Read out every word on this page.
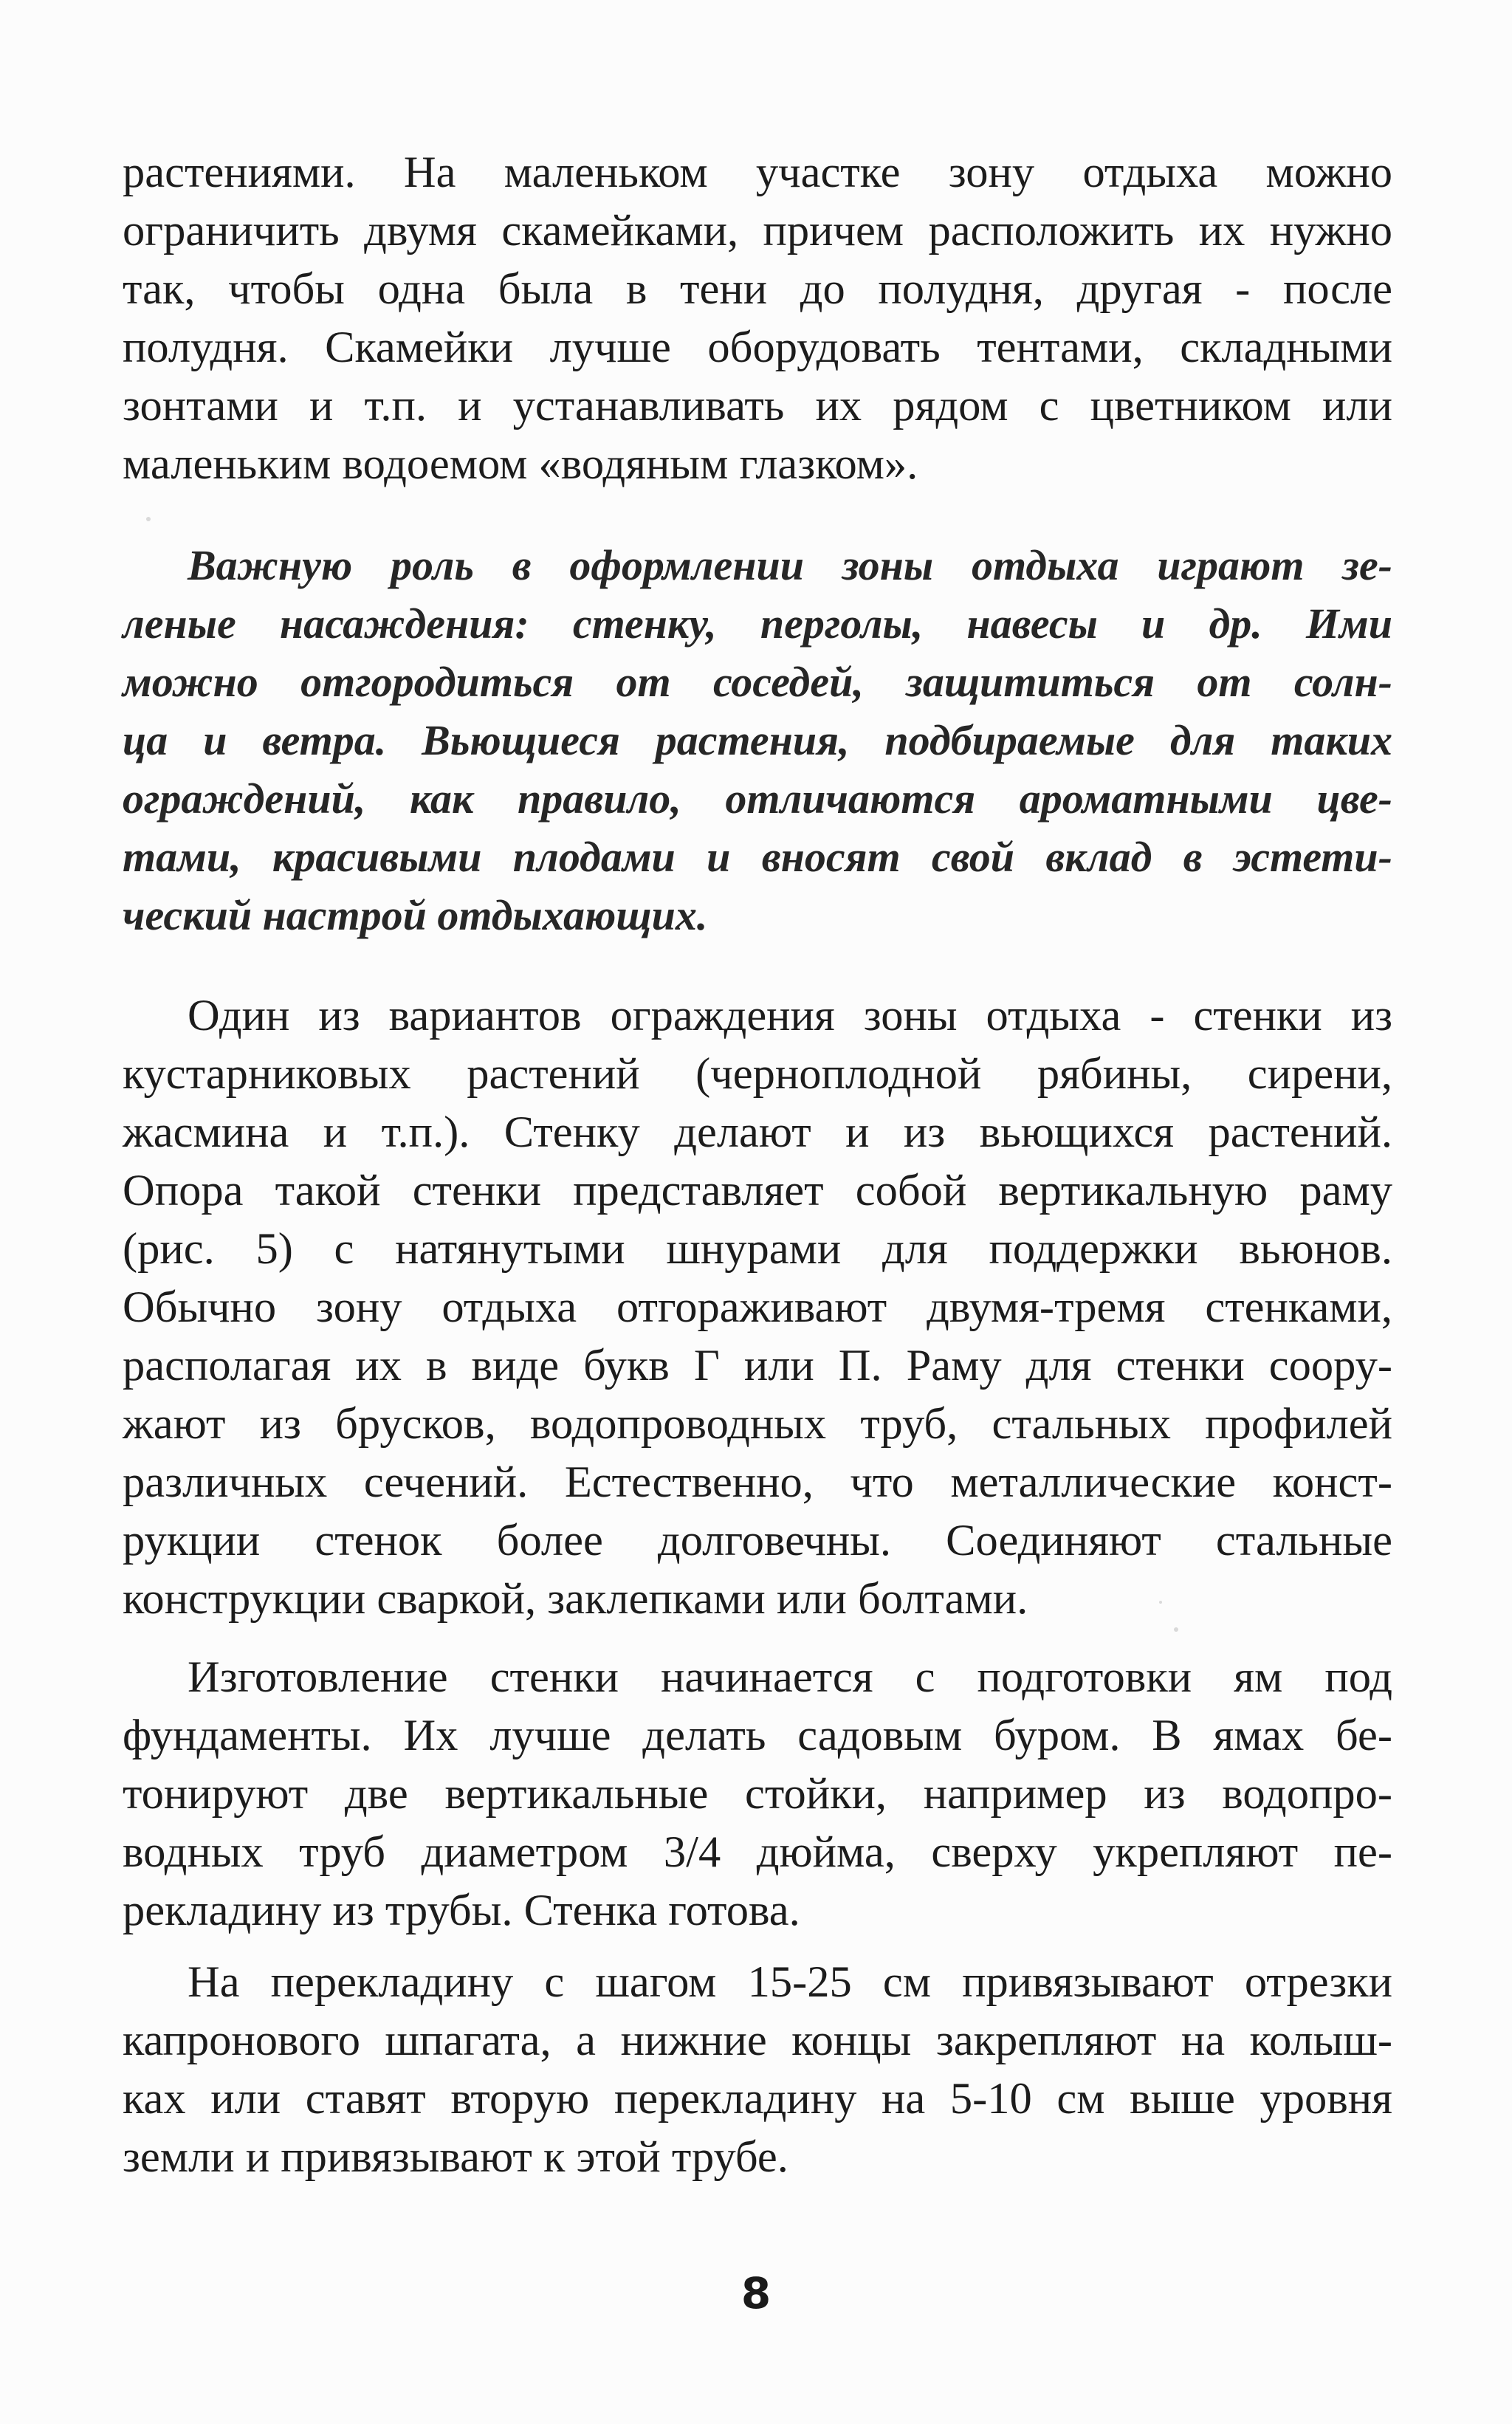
растениями. На маленьком участке зону отдыха можно
ограничить двумя скамейками, причем расположить их нужно
так, чтобы одна была в тени до полудня, другая - после
полудня. Скамейки лучше оборудовать тентами, складными
зонтами и т.п. и устанавливать их рядом с цветником или
маленьким водоемом «водяным глазком».
Важную роль в оформлении зоны отдыха играют зе-
леные насаждения: стенку, перголы, навесы и др. Ими
можно отгородиться от соседей, защититься от солн-
ца и ветра. Вьющиеся растения, подбираемые для таких
ограждений, как правило, отличаются ароматными цве-
тами, красивыми плодами и вносят свой вклад в эстети-
ческий настрой отдыхающих.
Один из вариантов ограждения зоны отдыха - стенки из
кустарниковых растений (черноплодной рябины, сирени,
жасмина и т.п.). Стенку делают и из вьющихся растений.
Опора такой стенки представляет собой вертикальную раму
(рис. 5) с натянутыми шнурами для поддержки вьюнов.
Обычно зону отдыха отгораживают двумя-тремя стенками,
располагая их в виде букв Г или П. Раму для стенки соору-
жают из брусков, водопроводных труб, стальных профилей
различных сечений. Естественно, что металлические конст-
рукции стенок более долговечны. Соединяют стальные
конструкции сваркой, заклепками или болтами.
Изготовление стенки начинается с подготовки ям под
фундаменты. Их лучше делать садовым буром. В ямах бе-
тонируют две вертикальные стойки, например из водопро-
водных труб диаметром 3/4 дюйма, сверху укрепляют пе-
рекладину из трубы. Стенка готова.
На перекладину с шагом 15-25 см привязывают отрезки
капронового шпагата, а нижние концы закрепляют на колыш-
ках или ставят вторую перекладину на 5-10 см выше уровня
земли и привязывают к этой трубе.
8
